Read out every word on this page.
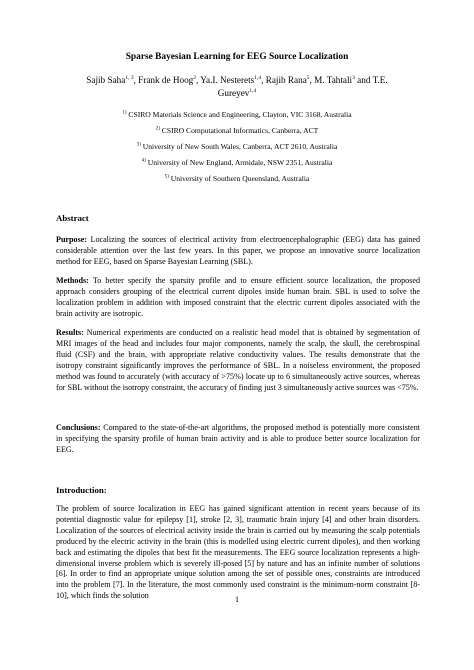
Sparse Bayesian Learning for EEG Source Localization
Sajib Saha$^{1, 3}$, Frank de Hoog$^2$, Ya.I. Nesterets$^{1,4}$, Rajib Rana$^5$, M. Tahtali$^3$ and T.E. Gureyev$^{1,4}$
$^{1)}$ CSIRO Materials Science and Engineering, Clayton, VIC 3168, Australia
$^{2)}$ CSIRO Computational Informatics, Canberra, ACT
$^{3)}$ University of New South Wales, Canberra, ACT 2610, Australia
$^{4)}$ University of New England, Armidale, NSW 2351, Australia
$^{5)}$ University of Southern Queensland, Australia
Abstract

Purpose: Localizing the sources of electrical activity from electroencephalographic (EEG) data has gained considerable attention over the last few years. In this paper, we propose an innovative source localization method for EEG, based on Sparse Bayesian Learning (SBL).

Methods: To better specify the sparsity profile and to ensure efficient source localization, the proposed approach considers grouping of the electrical current dipoles inside human brain. SBL is used to solve the localization problem in addition with imposed constraint that the electric current dipoles associated with the brain activity are isotropic.

Results: Numerical experiments are conducted on a realistic head model that is obtained by segmentation of MRI images of the head and includes four major components, namely the scalp, the skull, the cerebrospinal fluid (CSF) and the brain, with appropriate relative conductivity values. The results demonstrate that the isotropy constraint significantly improves the performance of SBL. In a noiseless environment, the proposed method was found to accurately (with accuracy of >75%) locate up to 6 simultaneously active sources, whereas for SBL without the isotropy constraint, the accuracy of finding just 3 simultaneously active sources was <75%.

Conclusions: Compared to the state-of-the-art algorithms, the proposed method is potentially more consistent in specifying the sparsity profile of human brain activity and is able to produce better source localization for EEG.

Introduction:

The problem of source localization in EEG has gained significant attention in recent years because of its potential diagnostic value for epilepsy [1], stroke [2, 3], traumatic brain injury [4] and other brain disorders. Localization of the sources of electrical activity inside the brain is carried out by measuring the scalp potentials produced by the electric activity in the brain (this is modelled using electric current dipoles), and then working back and estimating the dipoles that best fit the measurements. The EEG source localization represents a high-dimensional inverse problem which is severely ill-posed [5] by nature and has an infinite number of solutions [6]. In order to find an appropriate unique solution among the set of possible ones, constraints are introduced into the problem [7]. In the literature, the most commonly used constraint is the minimum-norm constraint [8-10], which finds the solution	1
